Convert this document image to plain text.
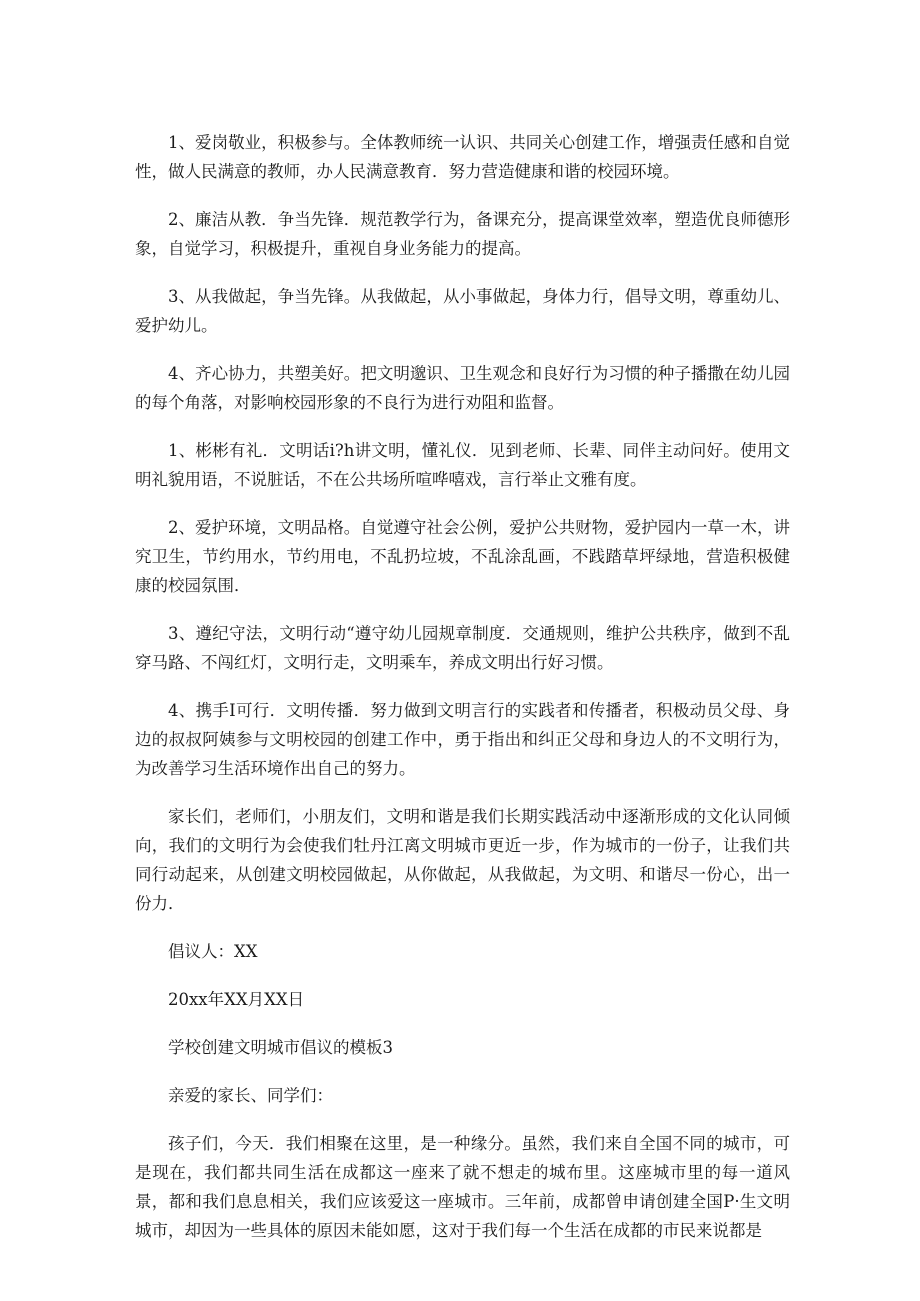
1、爱岗敬业，积极参与。全体教师统一认识、共同关心创建工作，增强责任感和自觉性，做人民满意的教师，办人民满意教育．努力营造健康和谐的校园环境。

2、廉洁从教．争当先锋．规范教学行为，备课充分，提高课堂效率，塑造优良师德形象，自觉学习，积极提升，重视自身业务能力的提高。

3、从我做起，争当先锋。从我做起，从小事做起，身体力行，倡导文明，尊重幼儿、爱护幼儿。

4、齐心协力，共塑美好。把文明邈识、卫生观念和良好行为习惯的种子播撒在幼儿园的每个角落，对影响校园形象的不良行为进行劝阻和监督。

1、彬彬有礼．文明话i?h讲文明，懂礼仪．见到老师、长辈、同伴主动问好。使用文明礼貌用语，不说脏话，不在公共场所喧哗嘻戏，言行举止文雅有度。

2、爱护环境，文明品格。自觉遵守社会公例，爱护公共财物，爱护园内一草一木，讲究卫生，节约用水，节约用电，不乱扔垃坡，不乱涂乱画，不践踏草坪绿地，营造积极健康的校园氛围．

3、遵纪守法，文明行动“遵守幼儿园规章制度．交通规则，维护公共秩序，做到不乱穿马路、不闯红灯，文明行走，文明乘车，养成文明出行好习惯。

4、携手I可行．文明传播．努力做到文明言行的实践者和传播者，积极动员父母、身边的叔叔阿姨参与文明校园的创建工作中，勇于指出和纠正父母和身边人的不文明行为，为改善学习生活环境作出自己的努力。

家长们，老师们，小朋友们，文明和谐是我们长期实践活动中逐渐形成的文化认同倾向，我们的文明行为会使我们牡丹江离文明城市更近一步，作为城市的一份子，让我们共同行动起来，从创建文明校园做起，从你做起，从我做起，为文明、和谐尽一份心，出一份力．

倡议人：XX

20xx年XX月XX日

学校创建文明城市倡议的模板3

亲爱的家长、同学们：

孩子们，今天．我们相聚在这里，是一种缘分。虽然，我们来自全国不同的城市，可是现在，我们都共同生活在成都这一座来了就不想走的城布里。这座城市里的每一道风景，都和我们息息相关，我们应该爱这一座城市。三年前，成都曾申请创建全国P·生文明城市，却因为一些具体的原因未能如愿，这对于我们每一个生活在成都的市民来说都是
